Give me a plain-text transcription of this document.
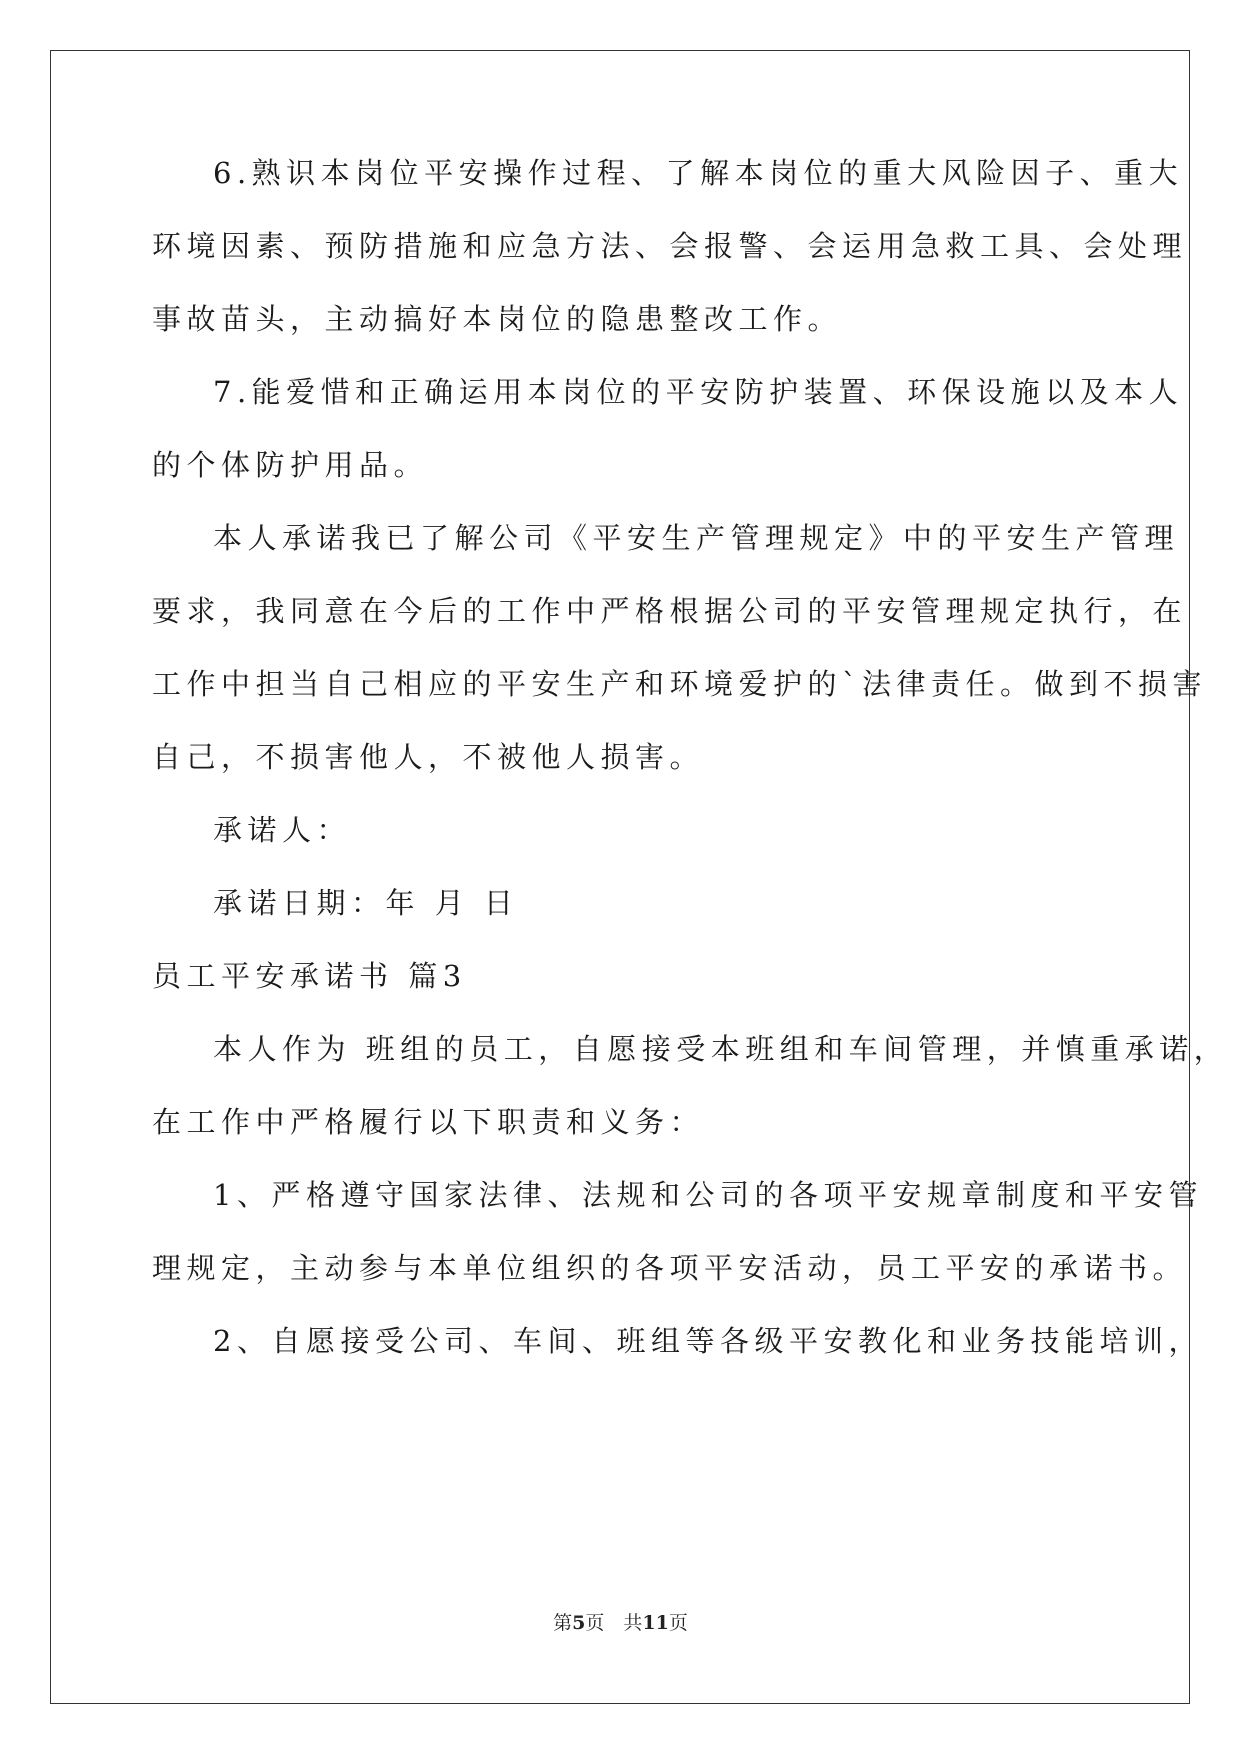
6.熟识本岗位平安操作过程、了解本岗位的重大风险因子、重大
环境因素、预防措施和应急方法、会报警、会运用急救工具、会处理
事故苗头，主动搞好本岗位的隐患整改工作。
7.能爱惜和正确运用本岗位的平安防护装置、环保设施以及本人
的个体防护用品。
本人承诺我已了解公司《平安生产管理规定》中的平安生产管理
要求，我同意在今后的工作中严格根据公司的平安管理规定执行，在
工作中担当自己相应的平安生产和环境爱护的`法律责任。做到不损害
自己，不损害他人，不被他人损害。
承诺人：
承诺日期：年 月 日
员工平安承诺书 篇3
本人作为 班组的员工，自愿接受本班组和车间管理，并慎重承诺，
在工作中严格履行以下职责和义务：
1、严格遵守国家法律、法规和公司的各项平安规章制度和平安管
理规定，主动参与本单位组织的各项平安活动，员工平安的承诺书。
2、自愿接受公司、车间、班组等各级平安教化和业务技能培训，
第5页　共11页
